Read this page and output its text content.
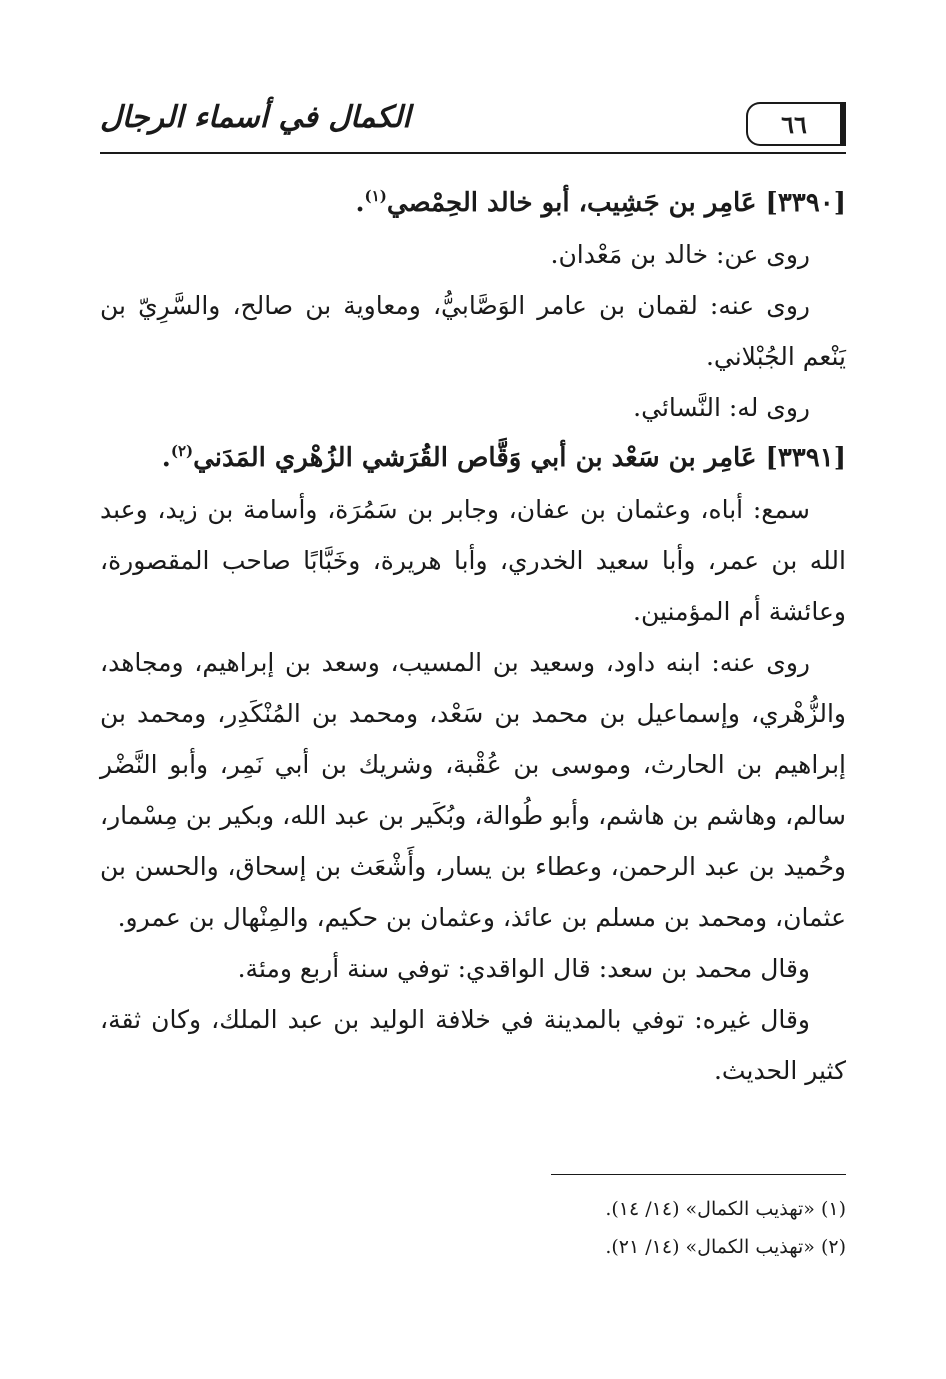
٦٦
الكمال في أسماء الرجال

[٣٣٩٠] عَامِر بن جَشِيب، أبو خالد الحِمْصي$^{(١)}$.

روى عن: خالد بن مَعْدان.

روى عنه: لقمان بن عامر الوَصَّابيُّ، ومعاوية بن صالح، والسَّرِيّ بن يَنْعم الجُبْلاني.

روى له: النَّسائي.

[٣٣٩١] عَامِر بن سَعْد بن أبي وَقَّاص القُرَشي الزُهْري المَدَني$^{(٢)}$.

سمع: أباه، وعثمان بن عفان، وجابر بن سَمُرَة، وأسامة بن زيد، وعبد الله بن عمر، وأبا سعيد الخدري، وأبا هريرة، وخَبَّابًا صاحب المقصورة، وعائشة أم المؤمنين.

روى عنه: ابنه داود، وسعيد بن المسيب، وسعد بن إبراهيم، ومجاهد، والزُّهْري، وإسماعيل بن محمد بن سَعْد، ومحمد بن المُنْكَدِر، ومحمد بن إبراهيم بن الحارث، وموسى بن عُقْبة، وشريك بن أبي نَمِر، وأبو النَّضْر سالم، وهاشم بن هاشم، وأبو طُوالة، وبُكَير بن عبد الله، وبكير بن مِسْمار، وحُميد بن عبد الرحمن، وعطاء بن يسار، وأَشْعَث بن إسحاق، والحسن بن عثمان، ومحمد بن مسلم بن عائذ، وعثمان بن حكيم، والمِنْهال بن عمرو.

وقال محمد بن سعد: قال الواقدي: توفي سنة أربع ومئة.

وقال غيره: توفي بالمدينة في خلافة الوليد بن عبد الملك، وكان ثقة، كثير الحديث.

(١) «تهذيب الكمال» (١٤/ ١٤).

(٢) «تهذيب الكمال» (١٤/ ٢١).
